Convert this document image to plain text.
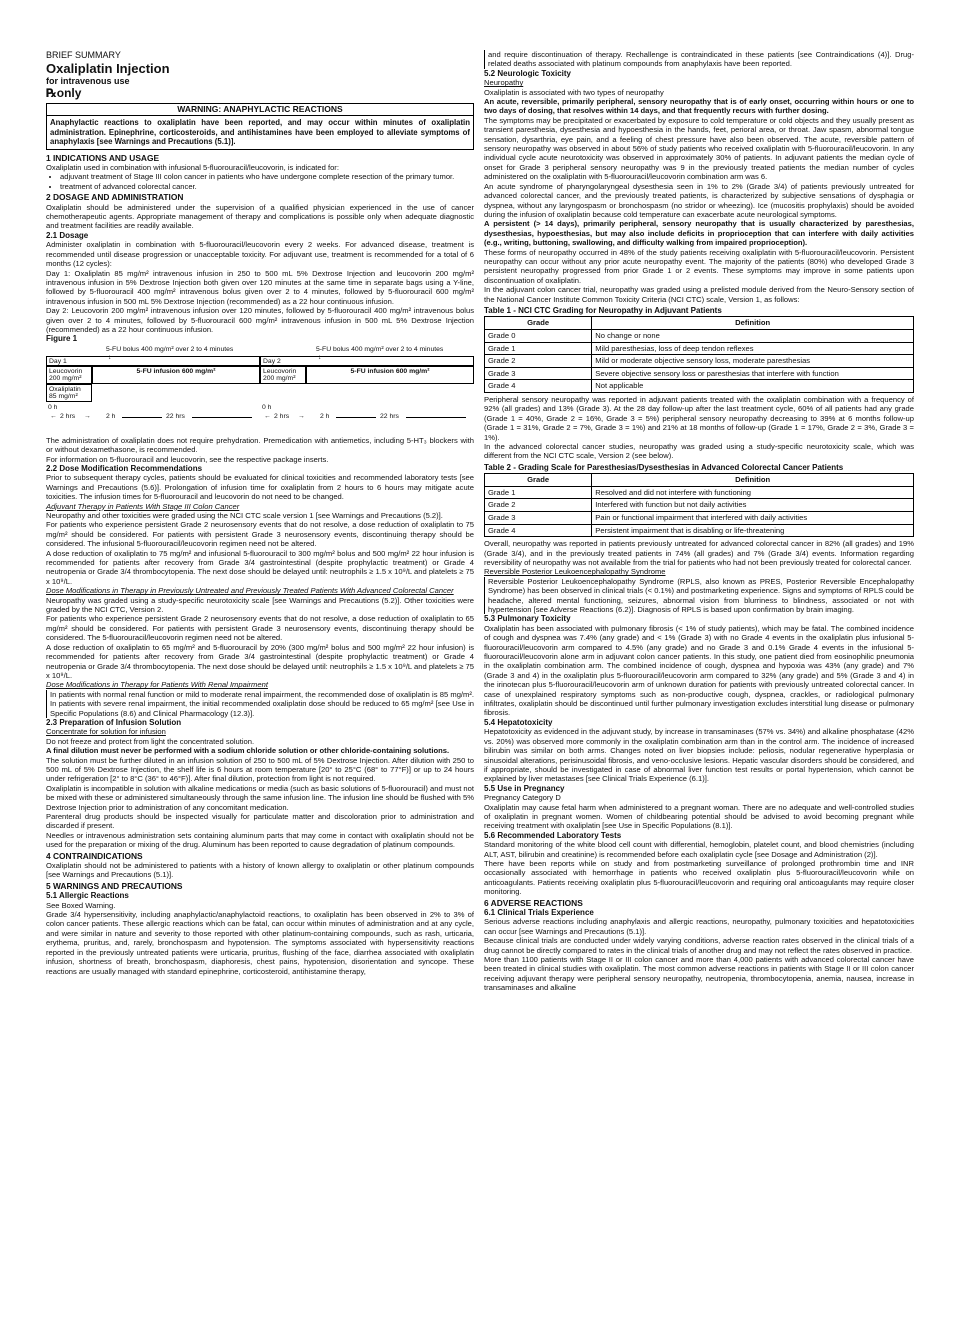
BRIEF SUMMARY

Oxaliplatin Injection

for intravenous use

℞only

WARNING: ANAPHYLACTIC REACTIONS
Anaphylactic reactions to oxaliplatin have been reported, and may occur within minutes of oxaliplatin administration. Epinephrine, corticosteroids, and antihistamines have been employed to alleviate symptoms of anaphylaxis [see Warnings and Precautions (5.1)].

1 INDICATIONS AND USAGE

Oxaliplatin used in combination with infusional 5-fluorouracil/leucovorin, is indicated for:

• adjuvant treatment of Stage III colon cancer in patients who have undergone complete resection of the primary tumor.
• treatment of advanced colorectal cancer.

2 DOSAGE AND ADMINISTRATION

Oxaliplatin should be administered under the supervision of a qualified physician experienced in the use of cancer chemotherapeutic agents. Appropriate management of therapy and complications is possible only when adequate diagnostic and treatment facilities are readily available.

2.1 Dosage

Administer oxaliplatin in combination with 5-fluorouracil/leucovorin every 2 weeks. For advanced disease, treatment is recommended until disease progression or unacceptable toxicity. For adjuvant use, treatment is recommended for a total of 6 months (12 cycles):

Day 1: Oxaliplatin 85 mg/m² intravenous infusion in 250 to 500 mL 5% Dextrose Injection and leucovorin 200 mg/m² intravenous infusion in 5% Dextrose Injection both given over 120 minutes at the same time in separate bags using a Y-line, followed by 5-fluorouracil 400 mg/m² intravenous bolus given over 2 to 4 minutes, followed by 5-fluorouracil 600 mg/m² intravenous infusion in 500 mL 5% Dextrose Injection (recommended) as a 22 hour continuous infusion.

Day 2: Leucovorin 200 mg/m² intravenous infusion over 120 minutes, followed by 5-fluorouracil 400 mg/m² intravenous bolus given over 2 to 4 minutes, followed by 5-fluorouracil 600 mg/m² intravenous infusion in 500 mL 5% Dextrose Injection (recommended) as a 22 hour continuous infusion.

Figure 1

5-FU bolus 400 mg/m² over 2 to 4 minutes	5-FU bolus 400 mg/m² over 2 to 4 minutes
↓	↓
Day 1	Day 2
Leucovorin 200 mg/m²
5-FU infusion 600 mg/m²	Leucovorin 200 mg/m²
5-FU infusion 600 mg/m²
Oxaliplatin 85 mg/m²
0 h	0 h
← 2 hrs → 2 h	22 hrs	← 2 hrs → 2 h	22 hrs

The administration of oxaliplatin does not require prehydration. Premedication with antiemetics, including 5-HT₃ blockers with or without dexamethasone, is recommended.

For information on 5-fluorouracil and leucovorin, see the respective package inserts.

2.2 Dose Modification Recommendations

Prior to subsequent therapy cycles, patients should be evaluated for clinical toxicities and recommended laboratory tests [see Warnings and Precautions (5.6)]. Prolongation of infusion time for oxaliplatin from 2 hours to 6 hours may mitigate acute toxicities. The infusion times for 5-fluorouracil and leucovorin do not need to be changed.

Adjuvant Therapy in Patients With Stage III Colon Cancer

Neuropathy and other toxicities were graded using the NCI CTC scale version 1 [see Warnings and Precautions (5.2)].

For patients who experience persistent Grade 2 neurosensory events that do not resolve, a dose reduction of oxaliplatin to 75 mg/m² should be considered. For patients with persistent Grade 3 neurosensory events, discontinuing therapy should be considered. The infusional 5-fluorouracil/leucovorin regimen need not be altered.

A dose reduction of oxaliplatin to 75 mg/m² and infusional 5-fluorouracil to 300 mg/m² bolus and 500 mg/m² 22 hour infusion is recommended for patients after recovery from Grade 3/4 gastrointestinal (despite prophylactic treatment) or Grade 4 neutropenia or Grade 3/4 thrombocytopenia. The next dose should be delayed until: neutrophils ≥ 1.5 x 10⁹/L and platelets ≥ 75 x 10⁹/L.

Dose Modifications in Therapy in Previously Untreated and Previously Treated Patients With Advanced Colorectal Cancer

Neuropathy was graded using a study-specific neurotoxicity scale [see Warnings and Precautions (5.2)]. Other toxicities were graded by the NCI CTC, Version 2.

For patients who experience persistent Grade 2 neurosensory events that do not resolve, a dose reduction of oxaliplatin to 65 mg/m² should be considered. For patients with persistent Grade 3 neurosensory events, discontinuing therapy should be considered. The 5-fluorouracil/leucovorin regimen need not be altered.

A dose reduction of oxaliplatin to 65 mg/m² and 5-fluorouracil by 20% (300 mg/m² bolus and 500 mg/m² 22 hour infusion) is recommended for patients after recovery from Grade 3/4 gastrointestinal (despite prophylactic treatment) or Grade 4 neutropenia or Grade 3/4 thrombocytopenia. The next dose should be delayed until: neutrophils ≥ 1.5 x 10⁹/L and platelets ≥ 75 x 10⁹/L.

Dose Modifications in Therapy for Patients With Renal Impairment

In patients with normal renal function or mild to moderate renal impairment, the recommended dose of oxaliplatin is 85 mg/m². In patients with severe renal impairment, the initial recommended oxaliplatin dose should be reduced to 65 mg/m² [see Use in Specific Populations (8.6) and Clinical Pharmacology (12.3)].

2.3 Preparation of Infusion Solution

Concentrate for solution for infusion

Do not freeze and protect from light the concentrated solution.

A final dilution must never be performed with a sodium chloride solution or other chloride-containing solutions.

The solution must be further diluted in an infusion solution of 250 to 500 mL of 5% Dextrose Injection. After dilution with 250 to 500 mL of 5% Dextrose Injection, the shelf life is 6 hours at room temperature [20° to 25°C (68° to 77°F)] or up to 24 hours under refrigeration [2° to 8°C (36° to 46°F)]. After final dilution, protection from light is not required.

Oxaliplatin is incompatible in solution with alkaline medications or media (such as basic solutions of 5-fluorouracil) and must not be mixed with these or administered simultaneously through the same infusion line. The infusion line should be flushed with 5% Dextrose Injection prior to administration of any concomitant medication.

Parenteral drug products should be inspected visually for particulate matter and discoloration prior to administration and discarded if present.

Needles or intravenous administration sets containing aluminum parts that may come in contact with oxaliplatin should not be used for the preparation or mixing of the drug. Aluminum has been reported to cause degradation of platinum compounds.

4 CONTRAINDICATIONS

Oxaliplatin should not be administered to patients with a history of known allergy to oxaliplatin or other platinum compounds [see Warnings and Precautions (5.1)].

5 WARNINGS AND PRECAUTIONS

5.1 Allergic Reactions

See Boxed Warning.

Grade 3/4 hypersensitivity, including anaphylactic/anaphylactoid reactions, to oxaliplatin has been observed in 2% to 3% of colon cancer patients. These allergic reactions which can be fatal, can occur within minutes of administration and at any cycle, and were similar in nature and severity to those reported with other platinum-containing compounds, such as rash, urticaria, erythema, pruritus, and, rarely, bronchospasm and hypotension. The symptoms associated with hypersensitivity reactions reported in the previously untreated patients were urticaria, pruritus, flushing of the face, diarrhea associated with oxaliplatin infusion, shortness of breath, bronchospasm, diaphoresis, chest pains, hypotension, disorientation and syncope. These reactions are usually managed with standard epinephrine, corticosteroid, antihistamine therapy,

and require discontinuation of therapy. Rechallenge is contraindicated in these patients [see Contraindications (4)]. Drug-related deaths associated with platinum compounds from anaphylaxis have been reported.

5.2 Neurologic Toxicity

Neuropathy

Oxaliplatin is associated with two types of neuropathy

An acute, reversible, primarily peripheral, sensory neuropathy that is of early onset, occurring within hours or one to two days of dosing, that resolves within 14 days, and that frequently recurs with further dosing.

The symptoms may be precipitated or exacerbated by exposure to cold temperature or cold objects and they usually present as transient paresthesia, dysesthesia and hypoesthesia in the hands, feet, perioral area, or throat. Jaw spasm, abnormal tongue sensation, dysarthria, eye pain, and a feeling of chest pressure have also been observed. The acute, reversible pattern of sensory neuropathy was observed in about 56% of study patients who received oxaliplatin with 5-fluorouracil/leucovorin. In any individual cycle acute neurotoxicity was observed in approximately 30% of patients. In adjuvant patients the median cycle of onset for Grade 3 peripheral sensory neuropathy was 9 in the previously treated patients the median number of cycles administered on the oxaliplatin with 5-fluorouracil/leucovorin combination arm was 6.

An acute syndrome of pharyngolaryngeal dysesthesia seen in 1% to 2% (Grade 3/4) of patients previously untreated for advanced colorectal cancer, and the previously treated patients, is characterized by subjective sensations of dysphagia or dyspnea, without any laryngospasm or bronchospasm (no stridor or wheezing). Ice (mucositis prophylaxis) should be avoided during the infusion of oxaliplatin because cold temperature can exacerbate acute neurological symptoms.

A persistent (> 14 days), primarily peripheral, sensory neuropathy that is usually characterized by paresthesias, dysesthesias, hypoesthesias, but may also include deficits in proprioception that can interfere with daily activities (e.g., writing, buttoning, swallowing, and difficulty walking from impaired proprioception).

These forms of neuropathy occurred in 48% of the study patients receiving oxaliplatin with 5-fluorouracil/leucovorin. Persistent neuropathy can occur without any prior acute neuropathy event. The majority of the patients (80%) who developed Grade 3 persistent neuropathy progressed from prior Grade 1 or 2 events. These symptoms may improve in some patients upon discontinuation of oxaliplatin.

In the adjuvant colon cancer trial, neuropathy was graded using a prelisted module derived from the Neuro-Sensory section of the National Cancer Institute Common Toxicity Criteria (NCI CTC) scale, Version 1, as follows:

Table 1 - NCI CTC Grading for Neuropathy in Adjuvant Patients

Grade	Definition
Grade 0	No change or none
Grade 1	Mild paresthesias, loss of deep tendon reflexes
Grade 2	Mild or moderate objective sensory loss, moderate paresthesias
Grade 3	Severe objective sensory loss or paresthesias that interfere with function
Grade 4	Not applicable

Peripheral sensory neuropathy was reported in adjuvant patients treated with the oxaliplatin combination with a frequency of 92% (all grades) and 13% (Grade 3). At the 28 day follow-up after the last treatment cycle, 60% of all patients had any grade (Grade 1 = 40%, Grade 2 = 16%, Grade 3 = 5%) peripheral sensory neuropathy decreasing to 39% at 6 months follow-up (Grade 1 = 31%, Grade 2 = 7%, Grade 3 = 1%) and 21% at 18 months of follow-up (Grade 1 = 17%, Grade 2 = 3%, Grade 3 = 1%).

In the advanced colorectal cancer studies, neuropathy was graded using a study-specific neurotoxicity scale, which was different from the NCI CTC scale, Version 2 (see below).

Table 2 - Grading Scale for Paresthesias/Dysesthesias in Advanced Colorectal Cancer Patients

Grade	Definition
Grade 1	Resolved and did not interfere with functioning
Grade 2	Interfered with function but not daily activities
Grade 3	Pain or functional impairment that interfered with daily activities
Grade 4	Persistent impairment that is disabling or life-threatening

Overall, neuropathy was reported in patients previously untreated for advanced colorectal cancer in 82% (all grades) and 19% (Grade 3/4), and in the previously treated patients in 74% (all grades) and 7% (Grade 3/4) events. Information regarding reversibility of neuropathy was not available from the trial for patients who had not been previously treated for colorectal cancer.

Reversible Posterior Leukoencephalopathy Syndrome

Reversible Posterior Leukoencephalopathy Syndrome (RPLS, also known as PRES, Posterior Reversible Encephalopathy Syndrome) has been observed in clinical trials (< 0.1%) and postmarketing experience. Signs and symptoms of RPLS could be headache, altered mental functioning, seizures, abnormal vision from blurriness to blindness, associated or not with hypertension [see Adverse Reactions (6.2)]. Diagnosis of RPLS is based upon confirmation by brain imaging.

5.3 Pulmonary Toxicity

Oxaliplatin has been associated with pulmonary fibrosis (< 1% of study patients), which may be fatal. The combined incidence of cough and dyspnea was 7.4% (any grade) and < 1% (Grade 3) with no Grade 4 events in the oxaliplatin plus infusional 5-fluorouracil/leucovorin arm compared to 4.5% (any grade) and no Grade 3 and 0.1% Grade 4 events in the infusional 5-fluorouracil/leucovorin alone arm in adjuvant colon cancer patients. In this study, one patient died from eosinophilic pneumonia in the oxaliplatin combination arm. The combined incidence of cough, dyspnea and hypoxia was 43% (any grade) and 7% (Grade 3 and 4) in the oxaliplatin plus 5-fluorouracil/leucovorin arm compared to 32% (any grade) and 5% (Grade 3 and 4) in the irinotecan plus 5-fluorouracil/leucovorin arm of unknown duration for patients with previously untreated colorectal cancer. In case of unexplained respiratory symptoms such as non-productive cough, dyspnea, crackles, or radiological pulmonary infiltrates, oxaliplatin should be discontinued until further pulmonary investigation excludes interstitial lung disease or pulmonary fibrosis.

5.4 Hepatotoxicity

Hepatotoxicity as evidenced in the adjuvant study, by increase in transaminases (57% vs. 34%) and alkaline phosphatase (42% vs. 20%) was observed more commonly in the oxaliplatin combination arm than in the control arm. The incidence of increased bilirubin was similar on both arms. Changes noted on liver biopsies include: peliosis, nodular regenerative hyperplasia or sinusoidal alterations, perisinusoidal fibrosis, and veno-occlusive lesions. Hepatic vascular disorders should be considered, and if appropriate, should be investigated in case of abnormal liver function test results or portal hypertension, which cannot be explained by liver metastases [see Clinical Trials Experience (6.1)].

5.5 Use in Pregnancy

Pregnancy Category D

Oxaliplatin may cause fetal harm when administered to a pregnant woman. There are no adequate and well-controlled studies of oxaliplatin in pregnant women. Women of childbearing potential should be advised to avoid becoming pregnant while receiving treatment with oxaliplatin [see Use in Specific Populations (8.1)].

5.6 Recommended Laboratory Tests

Standard monitoring of the white blood cell count with differential, hemoglobin, platelet count, and blood chemistries (including ALT, AST, bilirubin and creatinine) is recommended before each oxaliplatin cycle [see Dosage and Administration (2)].

There have been reports while on study and from postmarketing surveillance of prolonged prothrombin time and INR occasionally associated with hemorrhage in patients who received oxaliplatin plus 5-fluorouracil/leucovorin while on anticoagulants. Patients receiving oxaliplatin plus 5-fluorouracil/leucovorin and requiring oral anticoagulants may require closer monitoring.

6 ADVERSE REACTIONS

6.1 Clinical Trials Experience

Serious adverse reactions including anaphylaxis and allergic reactions, neuropathy, pulmonary toxicities and hepatotoxicities can occur [see Warnings and Precautions (5.1)].

Because clinical trials are conducted under widely varying conditions, adverse reaction rates observed in the clinical trials of a drug cannot be directly compared to rates in the clinical trials of another drug and may not reflect the rates observed in practice.

More than 1100 patients with Stage II or III colon cancer and more than 4,000 patients with advanced colorectal cancer have been treated in clinical studies with oxaliplatin. The most common adverse reactions in patients with Stage II or III colon cancer receiving adjuvant therapy were peripheral sensory neuropathy, neutropenia, thrombocytopenia, anemia, nausea, increase in transaminases and alkaline
